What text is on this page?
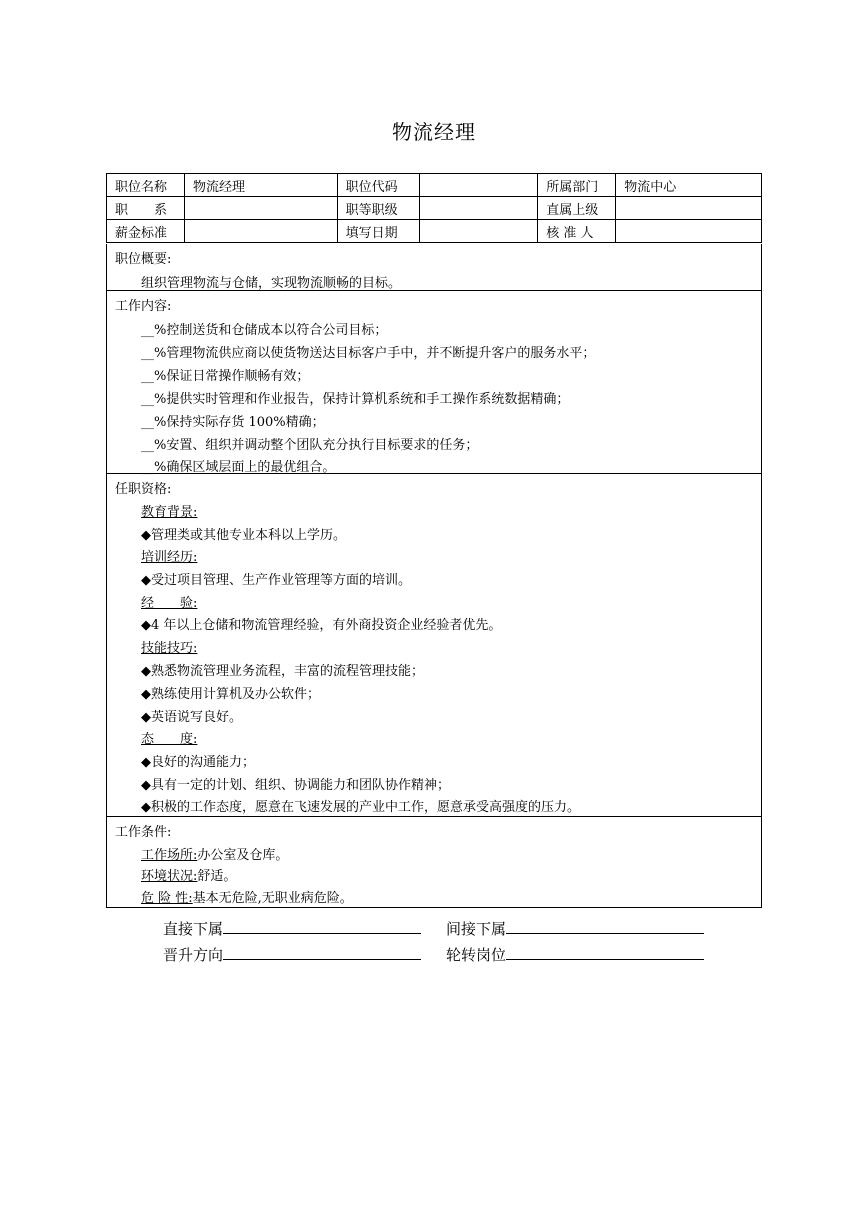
物流经理
职位名称	物流经理	职位代码		所属部门	物流中心
职　　系		职等职级		直属上级	
薪金标准		填写日期		核 准 人	
职位概要:
组织管理物流与仓储，实现物流顺畅的目标。
工作内容:
__%控制送货和仓储成本以符合公司目标；
__%管理物流供应商以使货物送达目标客户手中，并不断提升客户的服务水平；
__%保证日常操作顺畅有效；
__%提供实时管理和作业报告，保持计算机系统和手工操作系统数据精确；
__%保持实际存货 100%精确；
__%安置、组织并调动整个团队充分执行目标要求的任务；
__%确保区域层面上的最优组合。
任职资格:
教育背景:
◆管理类或其他专业本科以上学历。
培训经历:
◆受过项目管理、生产作业管理等方面的培训。
经　　验:
◆4 年以上仓储和物流管理经验，有外商投资企业经验者优先。
技能技巧:
◆熟悉物流管理业务流程，丰富的流程管理技能；
◆熟练使用计算机及办公软件；
◆英语说写良好。
态　　度:
◆良好的沟通能力；
◆具有一定的计划、组织、协调能力和团队协作精神；
◆积极的工作态度，愿意在飞速发展的产业中工作，愿意承受高强度的压力。
工作条件:
工作场所:办公室及仓库。
环境状况:舒适。
危 险 性:基本无危险,无职业病危险。
直接下属	间接下属
晋升方向	轮转岗位
